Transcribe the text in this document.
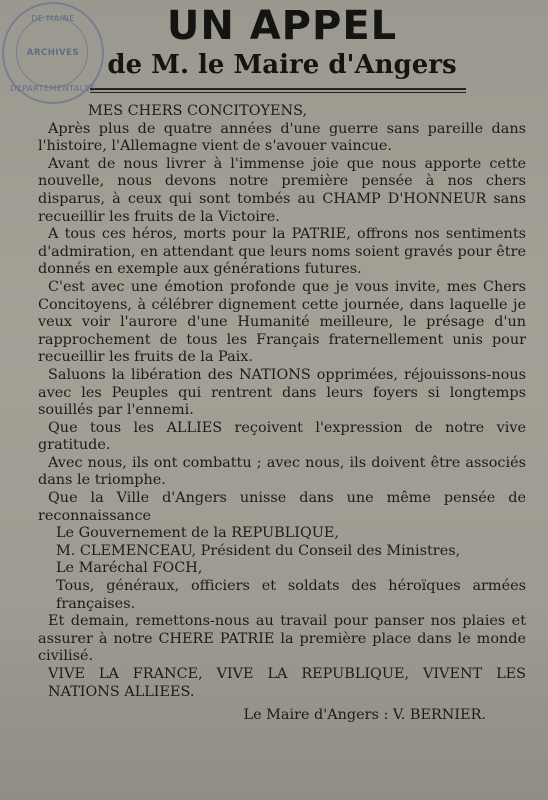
DE MAINE
ARCHIVES
DEPARTEMENTALES
UN APPEL
de M. le Maire d'Angers

MES CHERS CONCITOYENS,

Après plus de quatre années d'une guerre sans pareille dans l'histoire, l'Allemagne vient de s'avouer vaincue.

Avant de nous livrer à l'immense joie que nous apporte cette nouvelle, nous devons notre première pensée à nos chers disparus, à ceux qui sont tombés au CHAMP D'HONNEUR sans recueillir les fruits de la Victoire.

A tous ces héros, morts pour la PATRIE, offrons nos sentiments d'admiration, en attendant que leurs noms soient gravés pour être donnés en exemple aux générations futures.

C'est avec une émotion profonde que je vous invite, mes Chers Concitoyens, à célébrer dignement cette journée, dans laquelle je veux voir l'aurore d'une Humanité meilleure, le présage d'un rapprochement de tous les Français fraternellement unis pour recueillir les fruits de la Paix.

Saluons la libération des NATIONS opprimées, réjouissons-nous avec les Peuples qui rentrent dans leurs foyers si longtemps souillés par l'ennemi.

Que tous les ALLIES reçoivent l'expression de notre vive gratitude.

Avec nous, ils ont combattu ; avec nous, ils doivent être associés dans le triomphe.

Que la Ville d'Angers unisse dans une même pensée de reconnaissance

Le Gouvernement de la REPUBLIQUE,

M. CLEMENCEAU, Président du Conseil des Ministres,

Le Maréchal FOCH,

Tous, généraux, officiers et soldats des héroïques armées françaises.

Et demain, remettons-nous au travail pour panser nos plaies et assurer à notre CHERE PATRIE la première place dans le monde civilisé.

VIVE LA FRANCE, VIVE LA REPUBLIQUE, VIVENT LES NATIONS ALLIEES.

Le Maire d'Angers : V. BERNIER.
